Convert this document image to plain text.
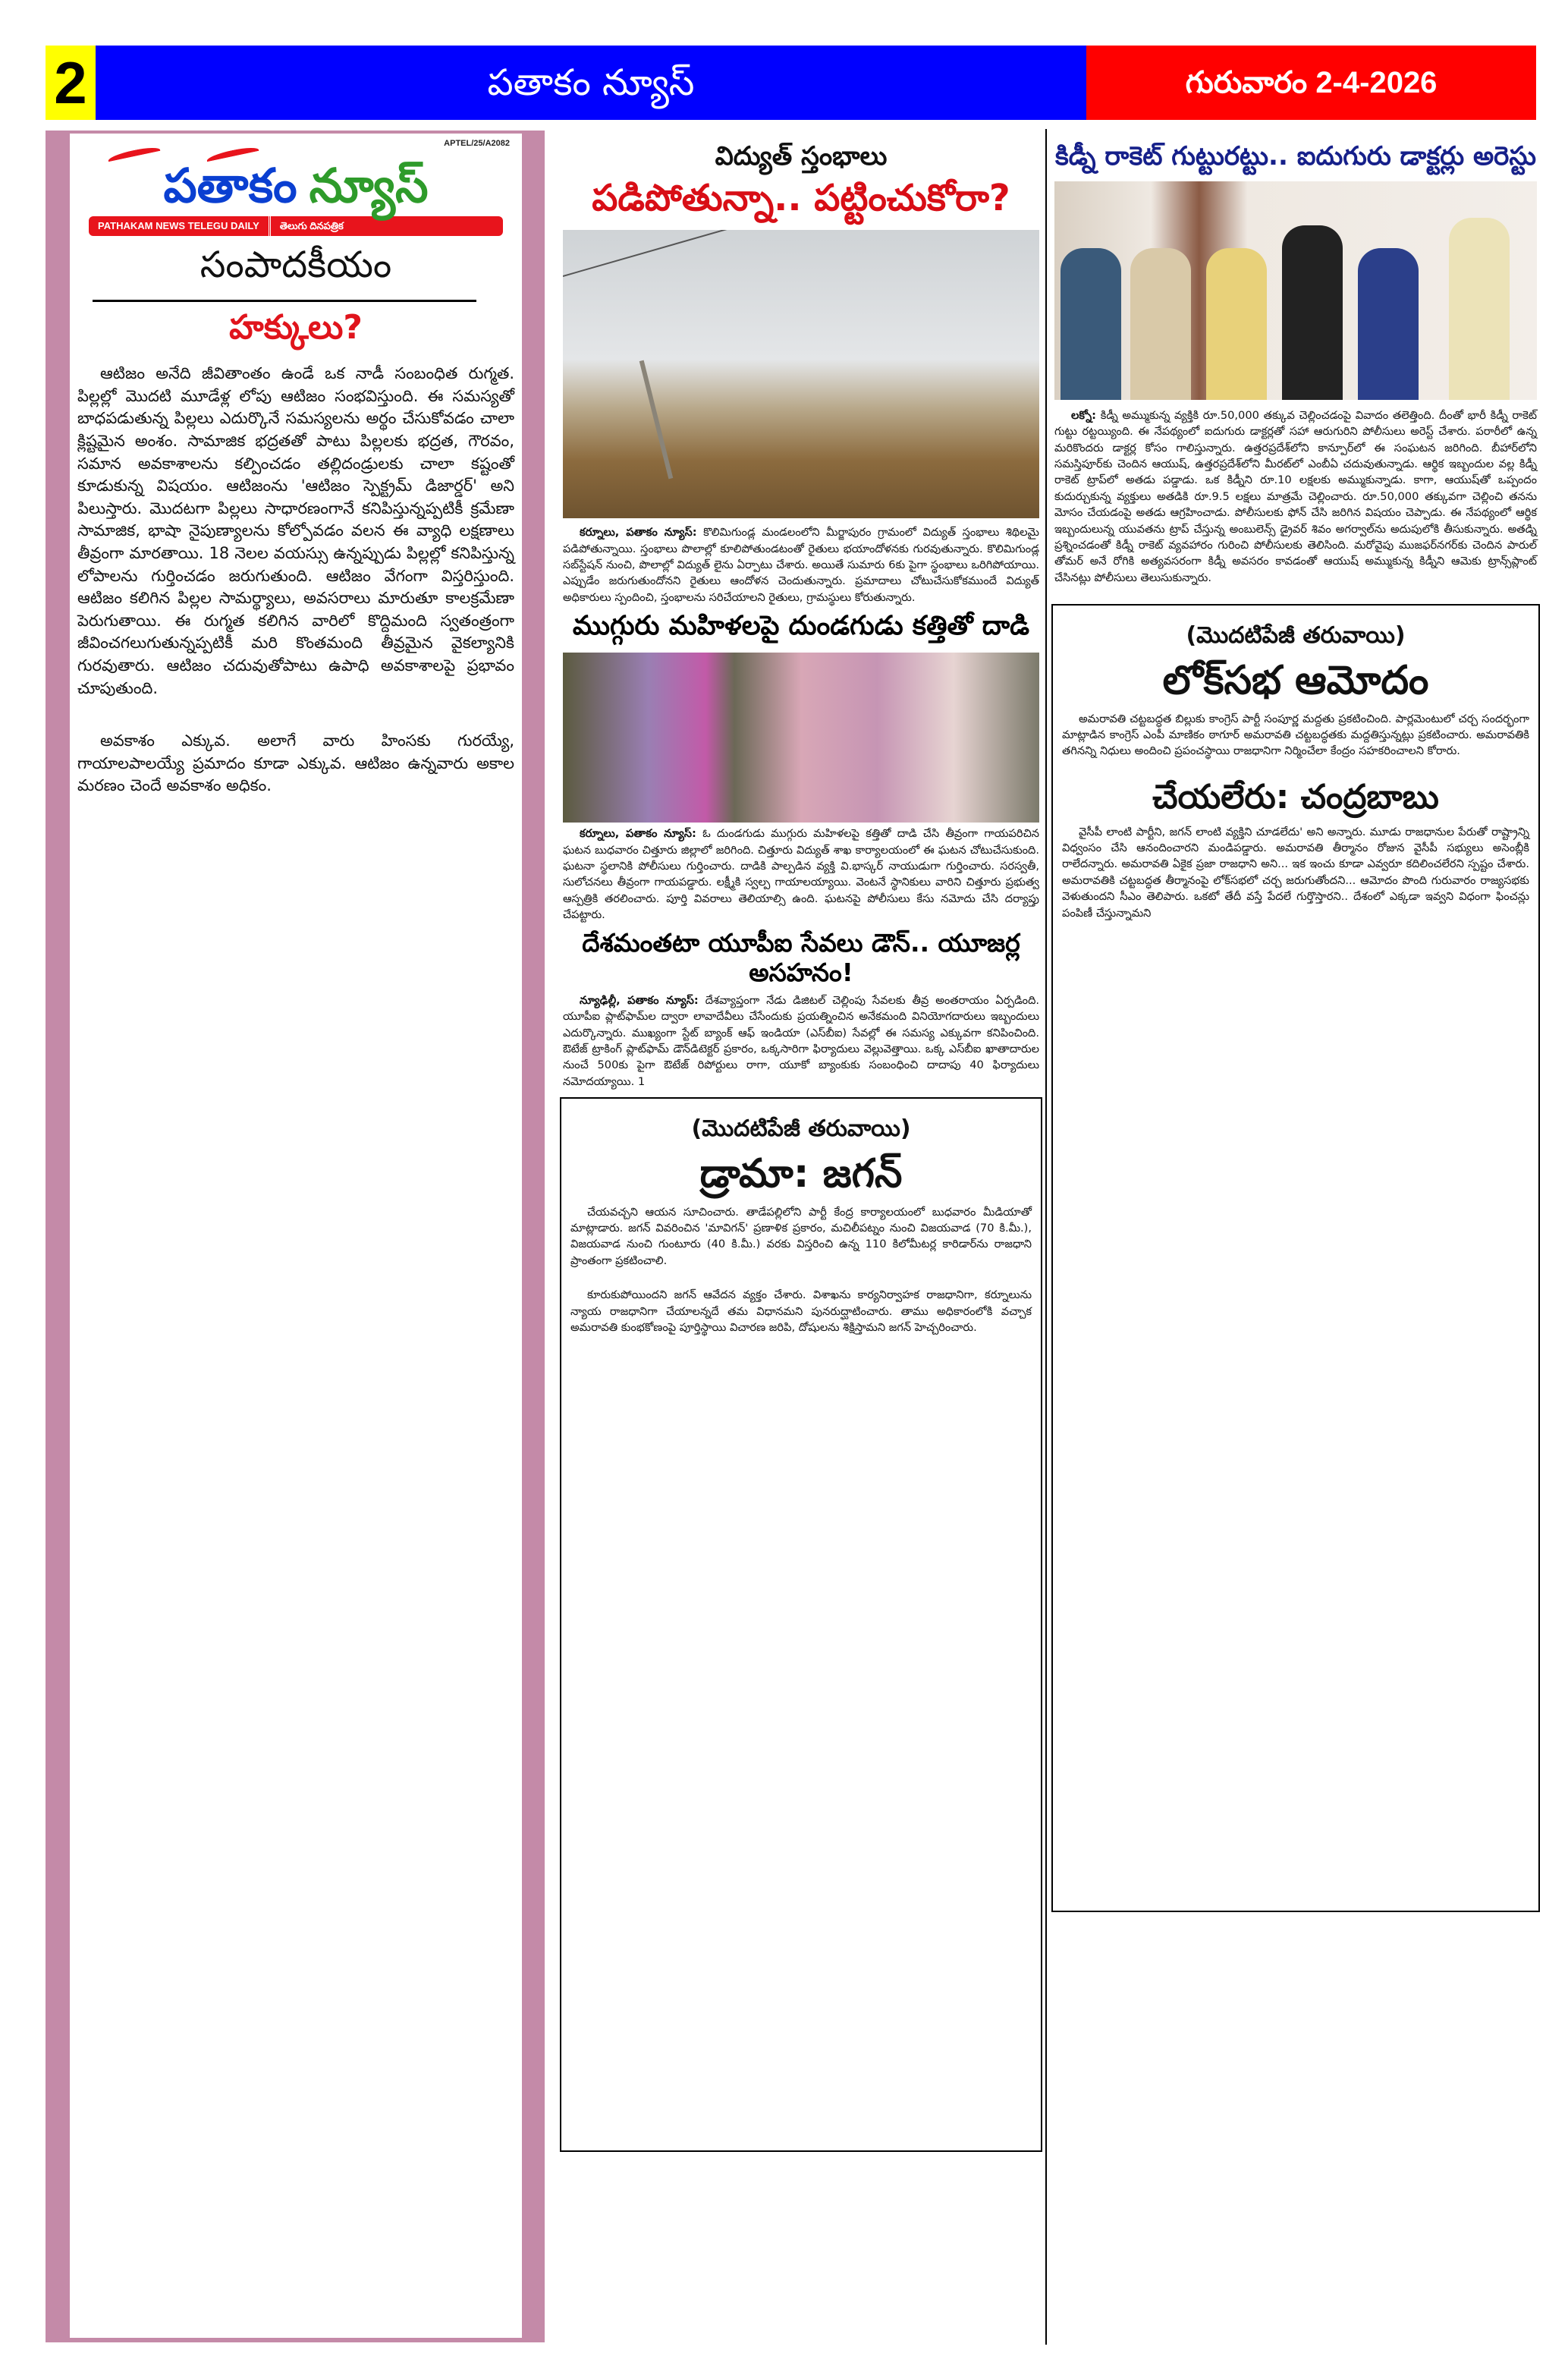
2	పతాకం న్యూస్	గురువారం 2-4-2026
APTEL/25/A2082
పతాకం న్యూస్
PATHAKAM NEWS TELEGU DAILY	తెలుగు దినపత్రిక
సంపాదకీయం
హక్కులు?

ఆటిజం అనేది జీవితాంతం ఉండే ఒక నాడీ సంబంధిత రుగ్మత. పిల్లల్లో మొదటి మూడేళ్ల లోపు ఆటిజం సంభవిస్తుంది. ఈ సమస్యతో బాధపడుతున్న పిల్లలు ఎదుర్కొనే సమస్యలను అర్థం చేసుకోవడం చాలా క్లిష్టమైన అంశం. సామాజిక భద్రతతో పాటు పిల్లలకు భద్రత, గౌరవం, సమాన అవకాశాలను కల్పించడం తల్లిదండ్రులకు చాలా కష్టంతో కూడుకున్న విషయం. ఆటిజంను 'ఆటిజం స్పెక్ట్రమ్ డిజార్డర్' అని పిలుస్తారు. మొదటగా పిల్లలు సాధారణంగానే కనిపిస్తున్నప్పటికీ క్రమేణా సామాజిక, భాషా నైపుణ్యాలను కోల్పోవడం వలన ఈ వ్యాధి లక్షణాలు తీవ్రంగా మారతాయి. 18 నెలల వయస్సు ఉన్నప్పుడు పిల్లల్లో కనిపిస్తున్న లోపాలను గుర్తించడం జరుగుతుంది. ఆటిజం వేగంగా విస్తరిస్తుంది. ఆటిజం కలిగిన పిల్లల సామర్థ్యాలు, అవసరాలు మారుతూ కాలక్రమేణా పెరుగుతాయి. ఈ రుగ్మత కలిగిన వారిలో కొద్దిమంది స్వతంత్రంగా జీవించగలుగుతున్నప్పటికీ మరి కొంతమంది తీవ్రమైన వైకల్యానికి గురవుతారు. ఆటిజం చదువుతోపాటు ఉపాధి అవకాశాలపై ప్రభావం చూపుతుంది.

అవకాశం ఎక్కువ. అలాగే వారు హింసకు గురయ్యే, గాయాలపాలయ్యే ప్రమాదం కూడా ఎక్కువ. ఆటిజం ఉన్నవారు అకాల మరణం చెందే అవకాశం అధికం.

విద్యుత్ స్తంభాలు
పడిపోతున్నా.. పట్టించుకోరా?

కర్నూలు, పతాకం న్యూస్: కొలిమిగుండ్ల మండలంలోని మీర్జాపురం గ్రామంలో విద్యుత్ స్తంభాలు శిథిలమై పడిపోతున్నాయి. స్తంభాలు పొలాల్లో కూలిపోతుండటంతో రైతులు భయాందోళనకు గురవుతున్నారు. కొలిమిగుండ్ల సబ్‌స్టేషన్ నుంచి, పొలాల్లో విద్యుత్ లైను ఏర్పాటు చేశారు. అయితే సుమారు 6కు పైగా స్థంభాలు ఒరిగిపోయాయి. ఎప్పుడేం జరుగుతుందోనని రైతులు ఆందోళన చెందుతున్నారు. ప్రమాదాలు చోటుచేసుకోకముందే విద్యుత్ అధికారులు స్పందించి, స్తంభాలను సరిచేయాలని రైతులు, గ్రామస్థులు కోరుతున్నారు.

ముగ్గురు మహిళలపై దుండగుడు కత్తితో దాడి

కర్నూలు, పతాకం న్యూస్: ఓ దుండగుడు ముగ్గురు మహిళలపై కత్తితో దాడి చేసి తీవ్రంగా గాయపరిచిన ఘటన బుధవారం చిత్తూరు జిల్లాలో జరిగింది. చిత్తూరు విద్యుత్ శాఖ కార్యాలయంలో ఈ ఘటన చోటుచేసుకుంది. ఘటనా స్థలానికి పోలీసులు గుర్తించారు. దాడికి పాల్పడిన వ్యక్తి వి.భాస్కర్ నాయుడుగా గుర్తించారు. సరస్వతీ, సులోచనలు తీవ్రంగా గాయపడ్డారు. లక్ష్మీకి స్వల్ప గాయాలయ్యాయి. వెంటనే స్థానికులు వారిని చిత్తూరు ప్రభుత్వ ఆస్పత్రికి తరలించారు. పూర్తి వివరాలు తెలియాల్సి ఉంది. ఘటనపై పోలీసులు కేసు నమోదు చేసి దర్యాప్తు చేపట్టారు.

దేశమంతటా యూపీఐ సేవలు డౌన్.. యూజర్ల అసహనం!

న్యూఢిల్లీ, పతాకం న్యూస్: దేశవ్యాప్తంగా నేడు డిజిటల్ చెల్లింపు సేవలకు తీవ్ర అంతరాయం ఏర్పడింది. యూపీఐ ప్లాట్‌ఫామ్‌ల ద్వారా లావాదేవీలు చేసేందుకు ప్రయత్నించిన అనేకమంది వినియోగదారులు ఇబ్బందులు ఎదుర్కొన్నారు. ముఖ్యంగా స్టేట్ బ్యాంక్ ఆఫ్ ఇండియా (ఎస్‌బీఐ) సేవల్లో ఈ సమస్య ఎక్కువగా కనిపించింది. ఔటేజ్ ట్రాకింగ్ ప్లాట్‌ఫామ్ డౌన్‌డిటెక్టర్ ప్రకారం, ఒక్కసారిగా ఫిర్యాదులు వెల్లువెత్తాయి. ఒక్క ఎస్‌బీఐ ఖాతాదారుల నుంచే 500కు పైగా ఔటేజ్ రిపోర్టులు రాగా, యూకో బ్యాంకుకు సంబంధించి దాదాపు 40 ఫిర్యాదులు నమోదయ్యాయి. 1

(మొదటిపేజీ తరువాయి)
డ్రామా: జగన్

చేయవచ్చని ఆయన సూచించారు. తాడేపల్లిలోని పార్టీ కేంద్ర కార్యాలయంలో బుధవారం మీడియాతో మాట్లాడారు. జగన్ వివరించిన 'మావిగన్' ప్రణాళిక ప్రకారం, మచిలీపట్నం నుంచి విజయవాడ (70 కి.మీ.), విజయవాడ నుంచి గుంటూరు (40 కి.మీ.) వరకు విస్తరించి ఉన్న 110 కిలోమీటర్ల కారిడార్‌ను రాజధాని ప్రాంతంగా ప్రకటించాలి.

కూరుకుపోయిందని జగన్ ఆవేదన వ్యక్తం చేశారు. విశాఖను కార్యనిర్వాహక రాజధానిగా, కర్నూలును న్యాయ రాజధానిగా చేయాలన్నదే తమ విధానమని పునరుద్ఘాటించారు. తాము అధికారంలోకి వచ్చాక అమరావతి కుంభకోణంపై పూర్తిస్థాయి విచారణ జరిపి, దోషులను శిక్షిస్తామని జగన్ హెచ్చరించారు.

కిడ్నీ రాకెట్ గుట్టురట్టు.. ఐదుగురు డాక్టర్లు అరెస్టు

లక్నో: కిడ్నీ అమ్ముకున్న వ్యక్తికి రూ.50,000 తక్కువ చెల్లించడంపై వివాదం తలెత్తింది. దీంతో భారీ కిడ్నీ రాకెట్ గుట్టు రట్టయ్యింది. ఈ నేపథ్యంలో ఐదుగురు డాక్టర్లతో సహా ఆరుగురిని పోలీసులు అరెస్ట్ చేశారు. పరారీలో ఉన్న మరికొందరు డాక్టర్ల కోసం గాలిస్తున్నారు. ఉత్తరప్రదేశ్‌లోని కాన్పూర్‌లో ఈ సంఘటన జరిగింది. బీహార్‌లోని సమస్తిపూర్‌కు చెందిన ఆయుష్, ఉత్తరప్రదేశ్‌లోని మీరట్‌లో ఎంబీఏ చదువుతున్నాడు. ఆర్థిక ఇబ్బందుల వల్ల కిడ్నీ రాకెట్ ట్రాప్‌లో అతడు పడ్డాడు. ఒక కిడ్నీని రూ.10 లక్షలకు అమ్ముకున్నాడు. కాగా, ఆయుష్‌తో ఒప్పందం కుదుర్చుకున్న వ్యక్తులు అతడికి రూ.9.5 లక్షలు మాత్రమే చెల్లించారు. రూ.50,000 తక్కువగా చెల్లించి తనను మోసం చేయడంపై అతడు ఆగ్రహించాడు. పోలీసులకు ఫోన్ చేసి జరిగిన విషయం చెప్పాడు. ఈ నేపథ్యంలో ఆర్థిక ఇబ్బందులున్న యువతను ట్రాప్ చేస్తున్న అంబులెన్స్ డ్రైవర్ శివం అగర్వాల్‌ను అదుపులోకి తీసుకున్నారు. అతడ్ని ప్రశ్నించడంతో కిడ్నీ రాకెట్ వ్యవహారం గురించి పోలీసులకు తెలిసింది. మరోవైపు ముజఫర్‌నగర్‌కు చెందిన పారుల్ తోమర్ అనే రోగికి అత్యవసరంగా కిడ్నీ అవసరం కావడంతో ఆయుష్ అమ్ముకున్న కిడ్నీని ఆమెకు ట్రాన్స్‌ప్లాంట్ చేసినట్లు పోలీసులు తెలుసుకున్నారు.

(మొదటిపేజీ తరువాయి)
లోక్‌సభ ఆమోదం

అమరావతి చట్టబద్ధత బిల్లుకు కాంగ్రెస్ పార్టీ సంపూర్ణ మద్దతు ప్రకటించింది. పార్లమెంటులో చర్చ సందర్భంగా మాట్లాడిన కాంగ్రెస్ ఎంపీ మాణికం ఠాగూర్ అమరావతి చట్టబద్ధతకు మద్దతిస్తున్నట్లు ప్రకటించారు. అమరావతికి తగినన్ని నిధులు అందించి ప్రపంచస్థాయి రాజధానిగా నిర్మించేలా కేంద్రం సహకరించాలని కోరారు.

చేయలేరు: చంద్రబాబు

వైసీపీ లాంటి పార్టీని, జగన్ లాంటి వ్యక్తిని చూడలేదు' అని అన్నారు. మూడు రాజధానుల పేరుతో రాష్ట్రాన్ని విధ్వంసం చేసి ఆనందించారని మండిపడ్డారు. అమరావతి తీర్మానం రోజున వైసీపీ సభ్యులు అసెంబ్లీకి రాలేదన్నారు. అమరావతి ఏకైక ప్రజా రాజధాని అని... ఇక ఇంచు కూడా ఎవ్వరూ కదిలించలేరని స్పష్టం చేశారు. అమరావతికి చట్టబద్ధత తీర్మానంపై లోక్‌సభలో చర్చ జరుగుతోందని... ఆమోదం పొంది గురువారం రాజ్యసభకు వెళుతుందని సీఎం తెలిపారు. ఒకటో తేదీ వస్తే పేదలే గుర్తొస్తారని.. దేశంలో ఎక్కడా ఇవ్వని విధంగా ఫించన్లు పంపిణీ చేస్తున్నామని
